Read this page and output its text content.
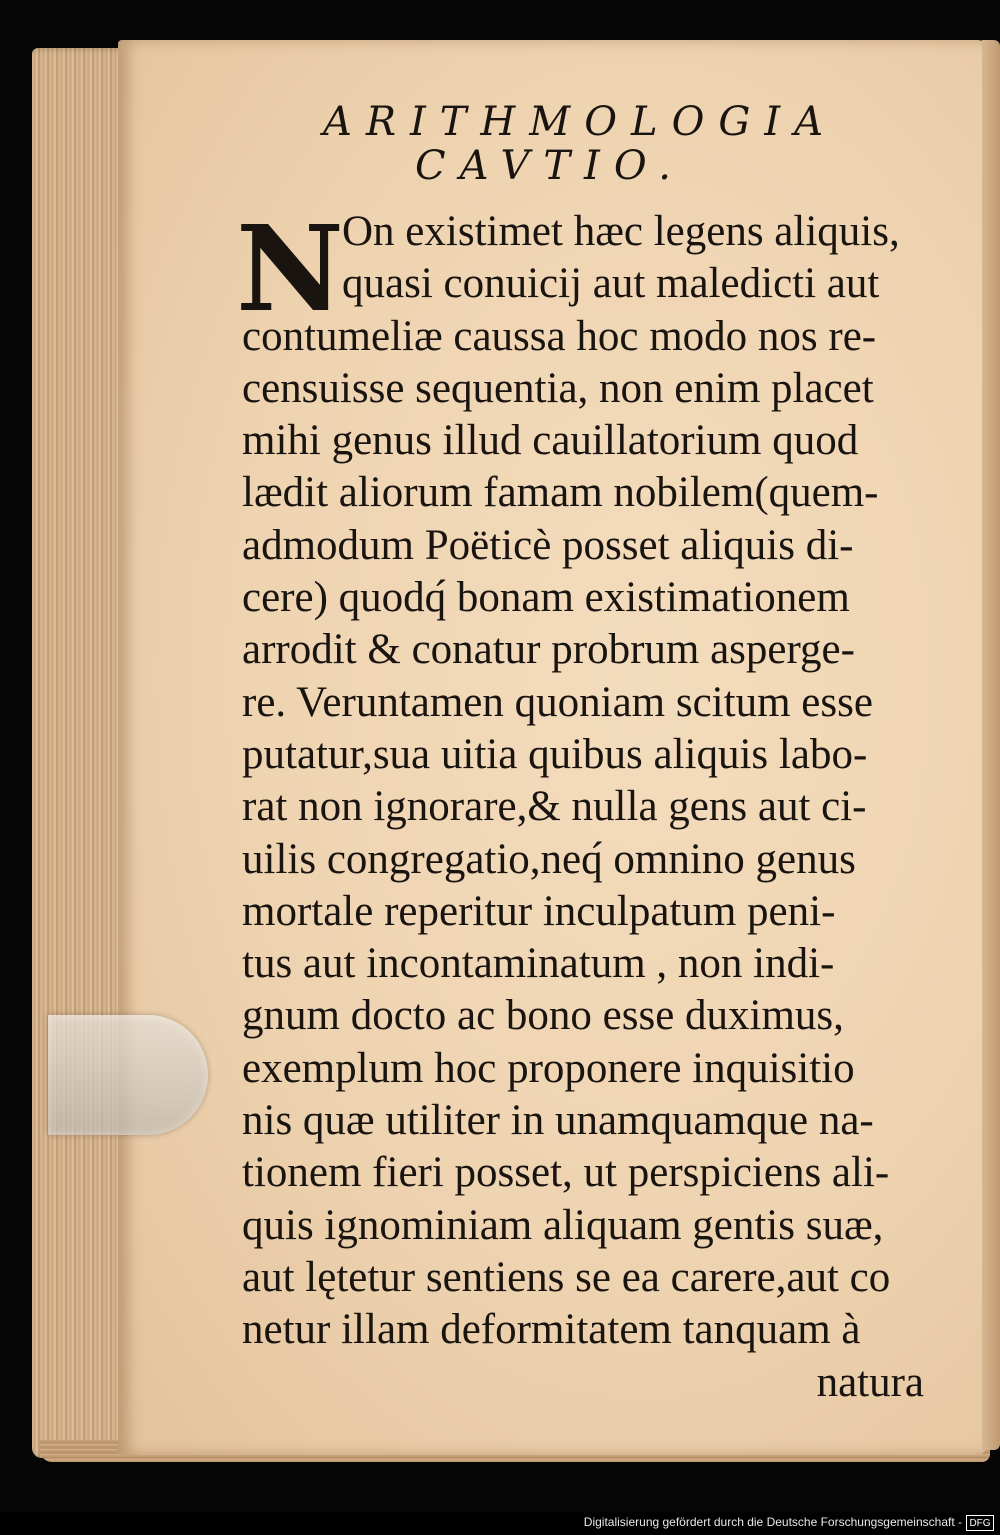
ARITHMOLOGIA
CAVTIO.
N
On existimet hæc legens aliquis,
quasi conuicij aut maledicti aut
contumeliæ caussa hoc modo nos re-
censuisse sequentia, non enim placet
mihi genus illud cauillatorium quod
lædit aliorum famam nobilem(quem-
admodum Poëticè posset aliquis di-
cere) quodq́ bonam existimationem
arrodit & conatur probrum asperge-
re. Veruntamen quoniam scitum esse
putatur,sua uitia quibus aliquis labo-
rat non ignorare,& nulla gens aut ci-
uilis congregatio,neq́ omnino genus
mortale reperitur inculpatum peni-
tus aut incontaminatum , non indi-
gnum docto ac bono esse duximus,
exemplum hoc proponere inquisitio
nis quæ utiliter in unamquamque na-
tionem fieri posset, ut perspiciens ali-
quis ignominiam aliquam gentis suæ,
aut lętetur sentiens se ea carere,aut co
netur illam deformitatem tanquam à
natura
Digitalisierung gefördert durch die Deutsche Forschungsgemeinschaft - DFG
